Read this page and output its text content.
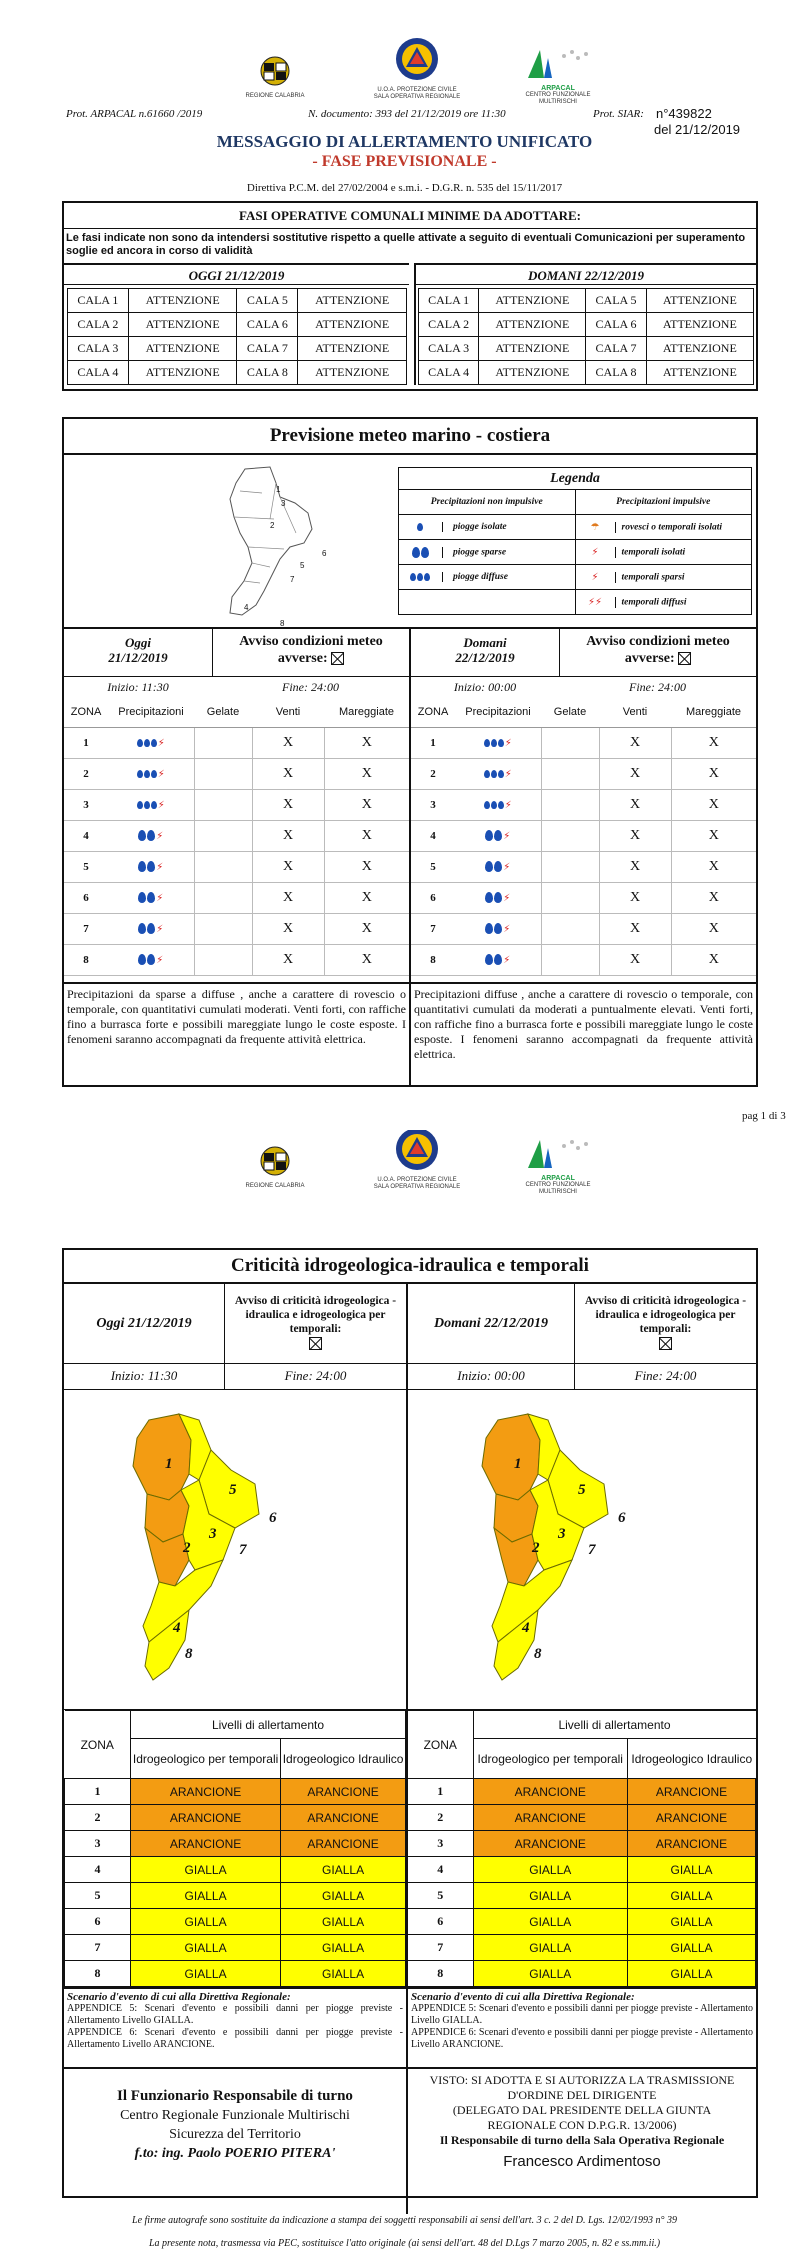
REGIONE CALABRIA
U.O.A. PROTEZIONE CIVILE
SALA OPERATIVA REGIONALE
ARPACAL
CENTRO FUNZIONALE MULTIRISCHI
Prot. ARPACAL n.61660 /2019	N. documento: 393 del 21/12/2019 ore 11:30	Prot. SIAR: n°439822
del 21/12/2019
MESSAGGIO DI ALLERTAMENTO UNIFICATO
- FASE PREVISIONALE -
Direttiva P.C.M. del 27/02/2004 e s.m.i. - D.G.R. n. 535 del 15/11/2017
FASI OPERATIVE COMUNALI MINIME DA ADOTTARE:
Le fasi indicate non sono da intendersi sostitutive rispetto a quelle attivate a seguito di eventuali Comunicazioni per superamento soglie ed ancora in corso di validità
OGGI 21/12/2019
CALA 1	ATTENZIONE	CALA 5	ATTENZIONE
CALA 2	ATTENZIONE	CALA 6	ATTENZIONE
CALA 3	ATTENZIONE	CALA 7	ATTENZIONE
CALA 4	ATTENZIONE	CALA 8	ATTENZIONE
DOMANI 22/12/2019
CALA 1	ATTENZIONE	CALA 5	ATTENZIONE
CALA 2	ATTENZIONE	CALA 6	ATTENZIONE
CALA 3	ATTENZIONE	CALA 7	ATTENZIONE
CALA 4	ATTENZIONE	CALA 8	ATTENZIONE
Previsione meteo marino - costiera
1
2
3
4
5
6
7
8
Legenda	
Precipitazioni non impulsive	Precipitazioni impulsive
piogge isolate	☂ rovesci o temporali isolati
piogge sparse	⚡ temporali isolati
piogge diffuse	⚡ temporali sparsi
	⚡⚡ temporali diffusi
Oggi
21/12/2019
Avviso condizioni meteo avverse:
Inizio: 11:30	Fine: 24:00
ZONA	Precipitazioni	Gelate	Venti	Mareggiate
1	⚡		X	X
2	⚡		X	X
3	⚡		X	X
4	⚡		X	X
5	⚡		X	X
6	⚡		X	X
7	⚡		X	X
8	⚡		X	X
Domani
22/12/2019
Avviso condizioni meteo avverse:
Inizio: 00:00	Fine: 24:00
ZONA	Precipitazioni	Gelate	Venti	Mareggiate
1	⚡		X	X
2	⚡		X	X
3	⚡		X	X
4	⚡		X	X
5	⚡		X	X
6	⚡		X	X
7	⚡		X	X
8	⚡		X	X
Precipitazioni da sparse a diffuse , anche a carattere di rovescio o temporale, con quantitativi cumulati moderati. Venti forti, con raffiche fino a burrasca forte e possibili mareggiate lungo le coste esposte. I fenomeni saranno accompagnati da frequente attività elettrica.
Precipitazioni diffuse , anche a carattere di rovescio o temporale, con quantitativi cumulati da moderati a puntualmente elevati. Venti forti, con raffiche fino a burrasca forte e possibili mareggiate lungo le coste esposte. I fenomeni saranno accompagnati da frequente attività elettrica.
pag 1 di 3
REGIONE CALABRIA
U.O.A. PROTEZIONE CIVILE
SALA OPERATIVA REGIONALE
ARPACAL
CENTRO FUNZIONALE MULTIRISCHI
Criticità idrogeologica-idraulica e temporali
Oggi 21/12/2019
Avviso di criticità idrogeologica - idraulica e idrogeologica per temporali:	Domani 22/12/2019
Avviso di criticità idrogeologica - idraulica e idrogeologica per temporali:

Inizio: 11:30	Fine: 24:00	Inizio: 00:00	Fine: 24:00
1
2
3
4
5
6
7
8
1
2
3
4
5
6
7
8
ZONA	Livelli di allertamento	
	Idrogeologico per temporali	Idrogeologico Idraulico
1	ARANCIONE	ARANCIONE
2	ARANCIONE	ARANCIONE
3	ARANCIONE	ARANCIONE
4	GIALLA	GIALLA
5	GIALLA	GIALLA
6	GIALLA	GIALLA
7	GIALLA	GIALLA
8	GIALLA	GIALLA
ZONA	Livelli di allertamento	
	Idrogeologico per temporali	Idrogeologico Idraulico
1	ARANCIONE	ARANCIONE
2	ARANCIONE	ARANCIONE
3	ARANCIONE	ARANCIONE
4	GIALLA	GIALLA
5	GIALLA	GIALLA
6	GIALLA	GIALLA
7	GIALLA	GIALLA
8	GIALLA	GIALLA
Scenario d'evento di cui alla Direttiva Regionale:
APPENDICE 5: Scenari d'evento e possibili danni per piogge previste - Allertamento Livello GIALLA.
APPENDICE 6: Scenari d'evento e possibili danni per piogge previste - Allertamento Livello ARANCIONE.
Scenario d'evento di cui alla Direttiva Regionale:
APPENDICE 5: Scenari d'evento e possibili danni per piogge previste - Allertamento Livello GIALLA.
APPENDICE 6: Scenari d'evento e possibili danni per piogge previste - Allertamento Livello ARANCIONE.
Il Funzionario Responsabile di turno
Centro Regionale Funzionale Multirischi
Sicurezza del Territorio
f.to: ing. Paolo POERIO PITERA'
VISTO: SI ADOTTA E SI AUTORIZZA LA TRASMISSIONE
D'ORDINE DEL DIRIGENTE
(DELEGATO DAL PRESIDENTE DELLA GIUNTA
REGIONALE CON D.P.G.R. 13/2006)
Il Responsabile di turno della Sala Operativa Regionale
Francesco Ardimentoso
Le firme autografe sono sostituite da indicazione a stampa dei soggetti responsabili ai sensi dell'art. 3 c. 2 del D. Lgs. 12/02/1993 n° 39
La presente nota, trasmessa via PEC, sostituisce l'atto originale (ai sensi dell'art. 48 del D.Lgs 7 marzo 2005, n. 82 e ss.mm.ii.)
